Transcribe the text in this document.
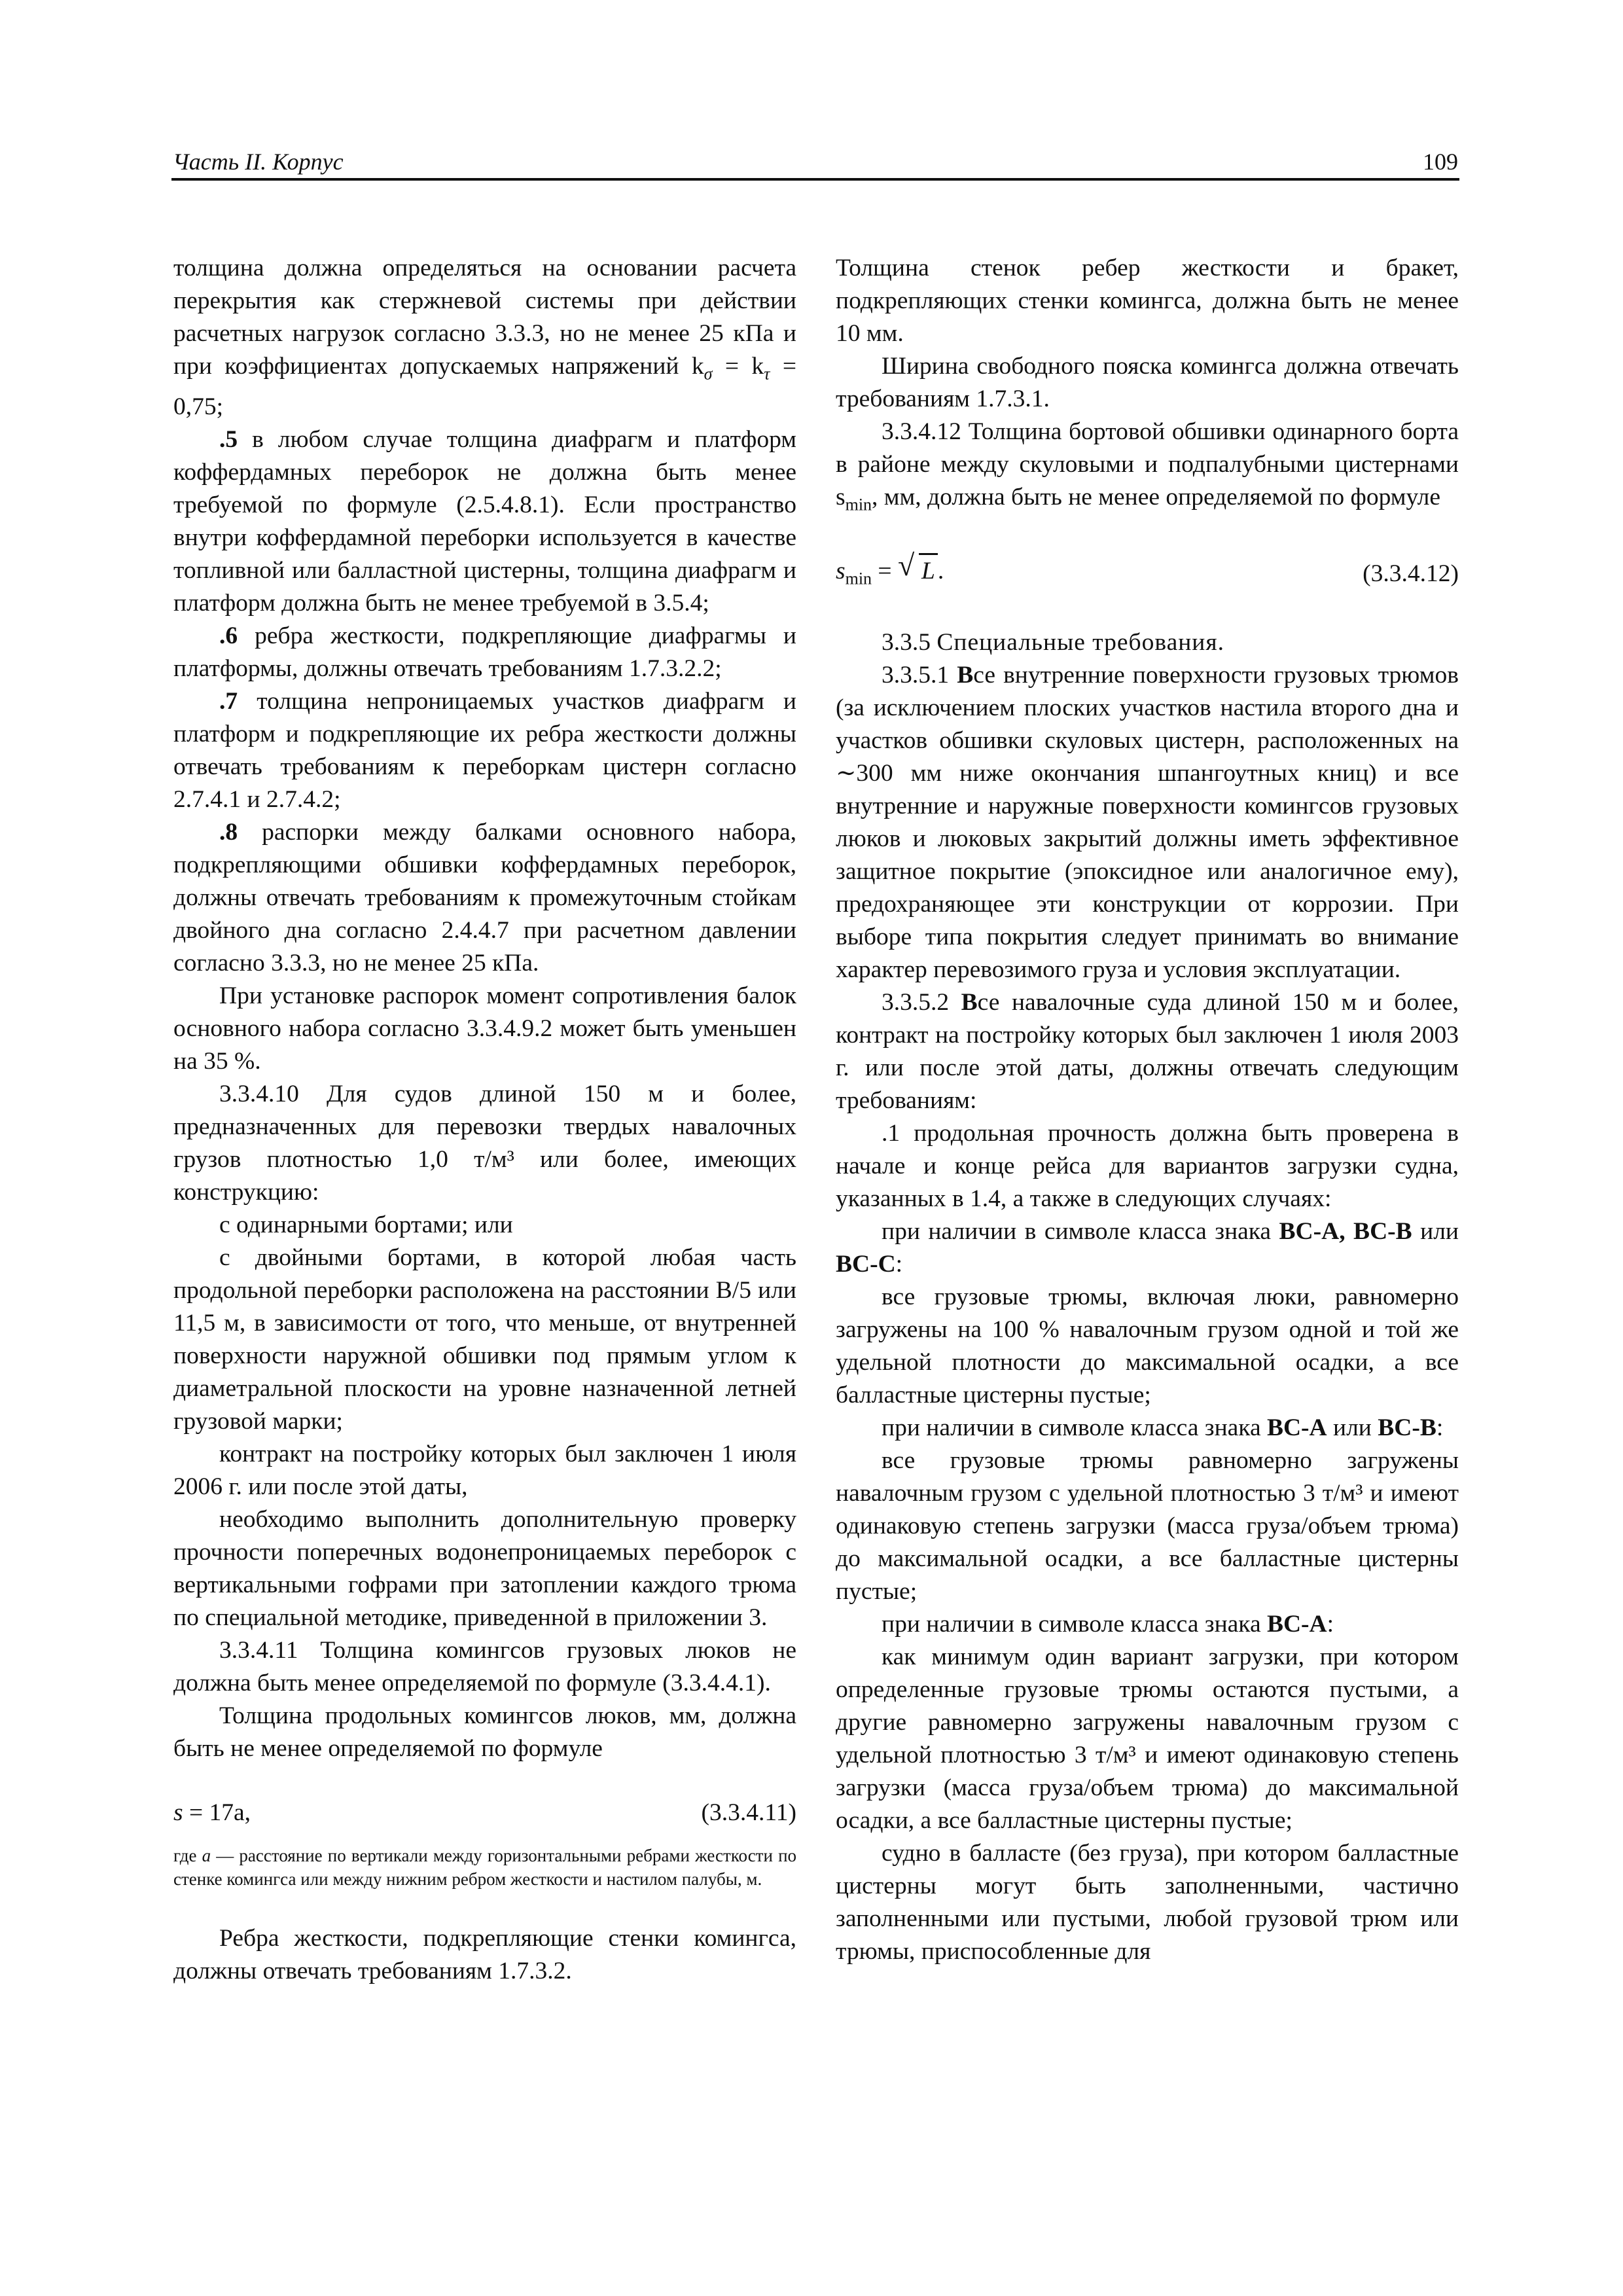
Часть II. Корпус	109

толщина должна определяться на основании расчета перекрытия как стержневой системы при действии расчетных нагрузок согласно 3.3.3, но не менее 25 кПа и при коэффициентах допускаемых напряжений $k_\sigma = k_\tau = 0,75$;

.5 в любом случае толщина диафрагм и платформ коффердамных переборок не должна быть менее требуемой по формуле (2.5.4.8.1). Если пространство внутри коффердамной переборки используется в качестве топливной или балластной цистерны, толщина диафрагм и платформ должна быть не менее требуемой в 3.5.4;

.6 ребра жесткости, подкрепляющие диафрагмы и платформы, должны отвечать требованиям 1.7.3.2.2;

.7 толщина непроницаемых участков диафрагм и платформ и подкрепляющие их ребра жесткости должны отвечать требованиям к переборкам цистерн согласно 2.7.4.1 и 2.7.4.2;

.8 распорки между балками основного набора, подкрепляющими обшивки коффердамных переборок, должны отвечать требованиям к промежуточным стойкам двойного дна согласно 2.4.4.7 при расчетном давлении согласно 3.3.3, но не менее 25 кПа.

При установке распорок момент сопротивления балок основного набора согласно 3.3.4.9.2 может быть уменьшен на 35 %.

3.3.4.10 Для судов длиной 150 м и более, предназначенных для перевозки твердых навалочных грузов плотностью 1,0 т/м³ или более, имеющих конструкцию:

с одинарными бортами; или

с двойными бортами, в которой любая часть продольной переборки расположена на расстоянии B/5 или 11,5 м, в зависимости от того, что меньше, от внутренней поверхности наружной обшивки под прямым углом к диаметральной плоскости на уровне назначенной летней грузовой марки;

контракт на постройку которых был заключен 1 июля 2006 г. или после этой даты,

необходимо выполнить дополнительную проверку прочности поперечных водонепроницаемых переборок с вертикальными гофрами при затоплении каждого трюма по специальной методике, приведенной в приложении 3.

3.3.4.11 Толщина комингсов грузовых люков не должна быть менее определяемой по формуле (3.3.4.4.1).

Толщина продольных комингсов люков, мм, должна быть не менее определяемой по формуле

s = 17a,	(3.3.4.11)
где a — расстояние по вертикали между горизонтальными ребрами жесткости по стенке комингса или между нижним ребром жесткости и настилом палубы, м.

Ребра жесткости, подкрепляющие стенки комингса, должны отвечать требованиям 1.7.3.2.

Толщина стенок ребер жесткости и бракет, подкрепляющих стенки комингса, должна быть не менее 10 мм.

Ширина свободного пояска комингса должна отвечать требованиям 1.7.3.1.

3.3.4.12 Толщина бортовой обшивки одинарного борта в районе между скуловыми и подпалубными цистернами $s_{min}$, мм, должна быть не менее определяемой по формуле

$s_{min}$ = √ L .	(3.3.4.12)

3.3.5 Специальные требования.

3.3.5.1 Все внутренние поверхности грузовых трюмов (за исключением плоских участков настила второго дна и участков обшивки скуловых цистерн, расположенных на ∼300 мм ниже окончания шпангоутных книц) и все внутренние и наружные поверхности комингсов грузовых люков и люковых закрытий должны иметь эффективное защитное покрытие (эпоксидное или аналогичное ему), предохраняющее эти конструкции от коррозии. При выборе типа покрытия следует принимать во внимание характер перевозимого груза и условия эксплуатации.

3.3.5.2 Все навалочные суда длиной 150 м и более, контракт на постройку которых был заключен 1 июля 2003 г. или после этой даты, должны отвечать следующим требованиям:

.1 продольная прочность должна быть проверена в начале и конце рейса для вариантов загрузки судна, указанных в 1.4, а также в следующих случаях:

при наличии в символе класса знака BC-A, BC-B или BC-C:

все грузовые трюмы, включая люки, равномерно загружены на 100 % навалочным грузом одной и той же удельной плотности до максимальной осадки, а все балластные цистерны пустые;

при наличии в символе класса знака BC-A или BC-B:

все грузовые трюмы равномерно загружены навалочным грузом с удельной плотностью 3 т/м³ и имеют одинаковую степень загрузки (масса груза/объем трюма) до максимальной осадки, а все балластные цистерны пустые;

при наличии в символе класса знака BC-A:

как минимум один вариант загрузки, при котором определенные грузовые трюмы остаются пустыми, а другие равномерно загружены навалочным грузом с удельной плотностью 3 т/м³ и имеют одинаковую степень загрузки (масса груза/объем трюма) до максимальной осадки, а все балластные цистерны пустые;

судно в балласте (без груза), при котором балластные цистерны могут быть заполненными, частично заполненными или пустыми, любой грузовой трюм или трюмы, приспособленные для
